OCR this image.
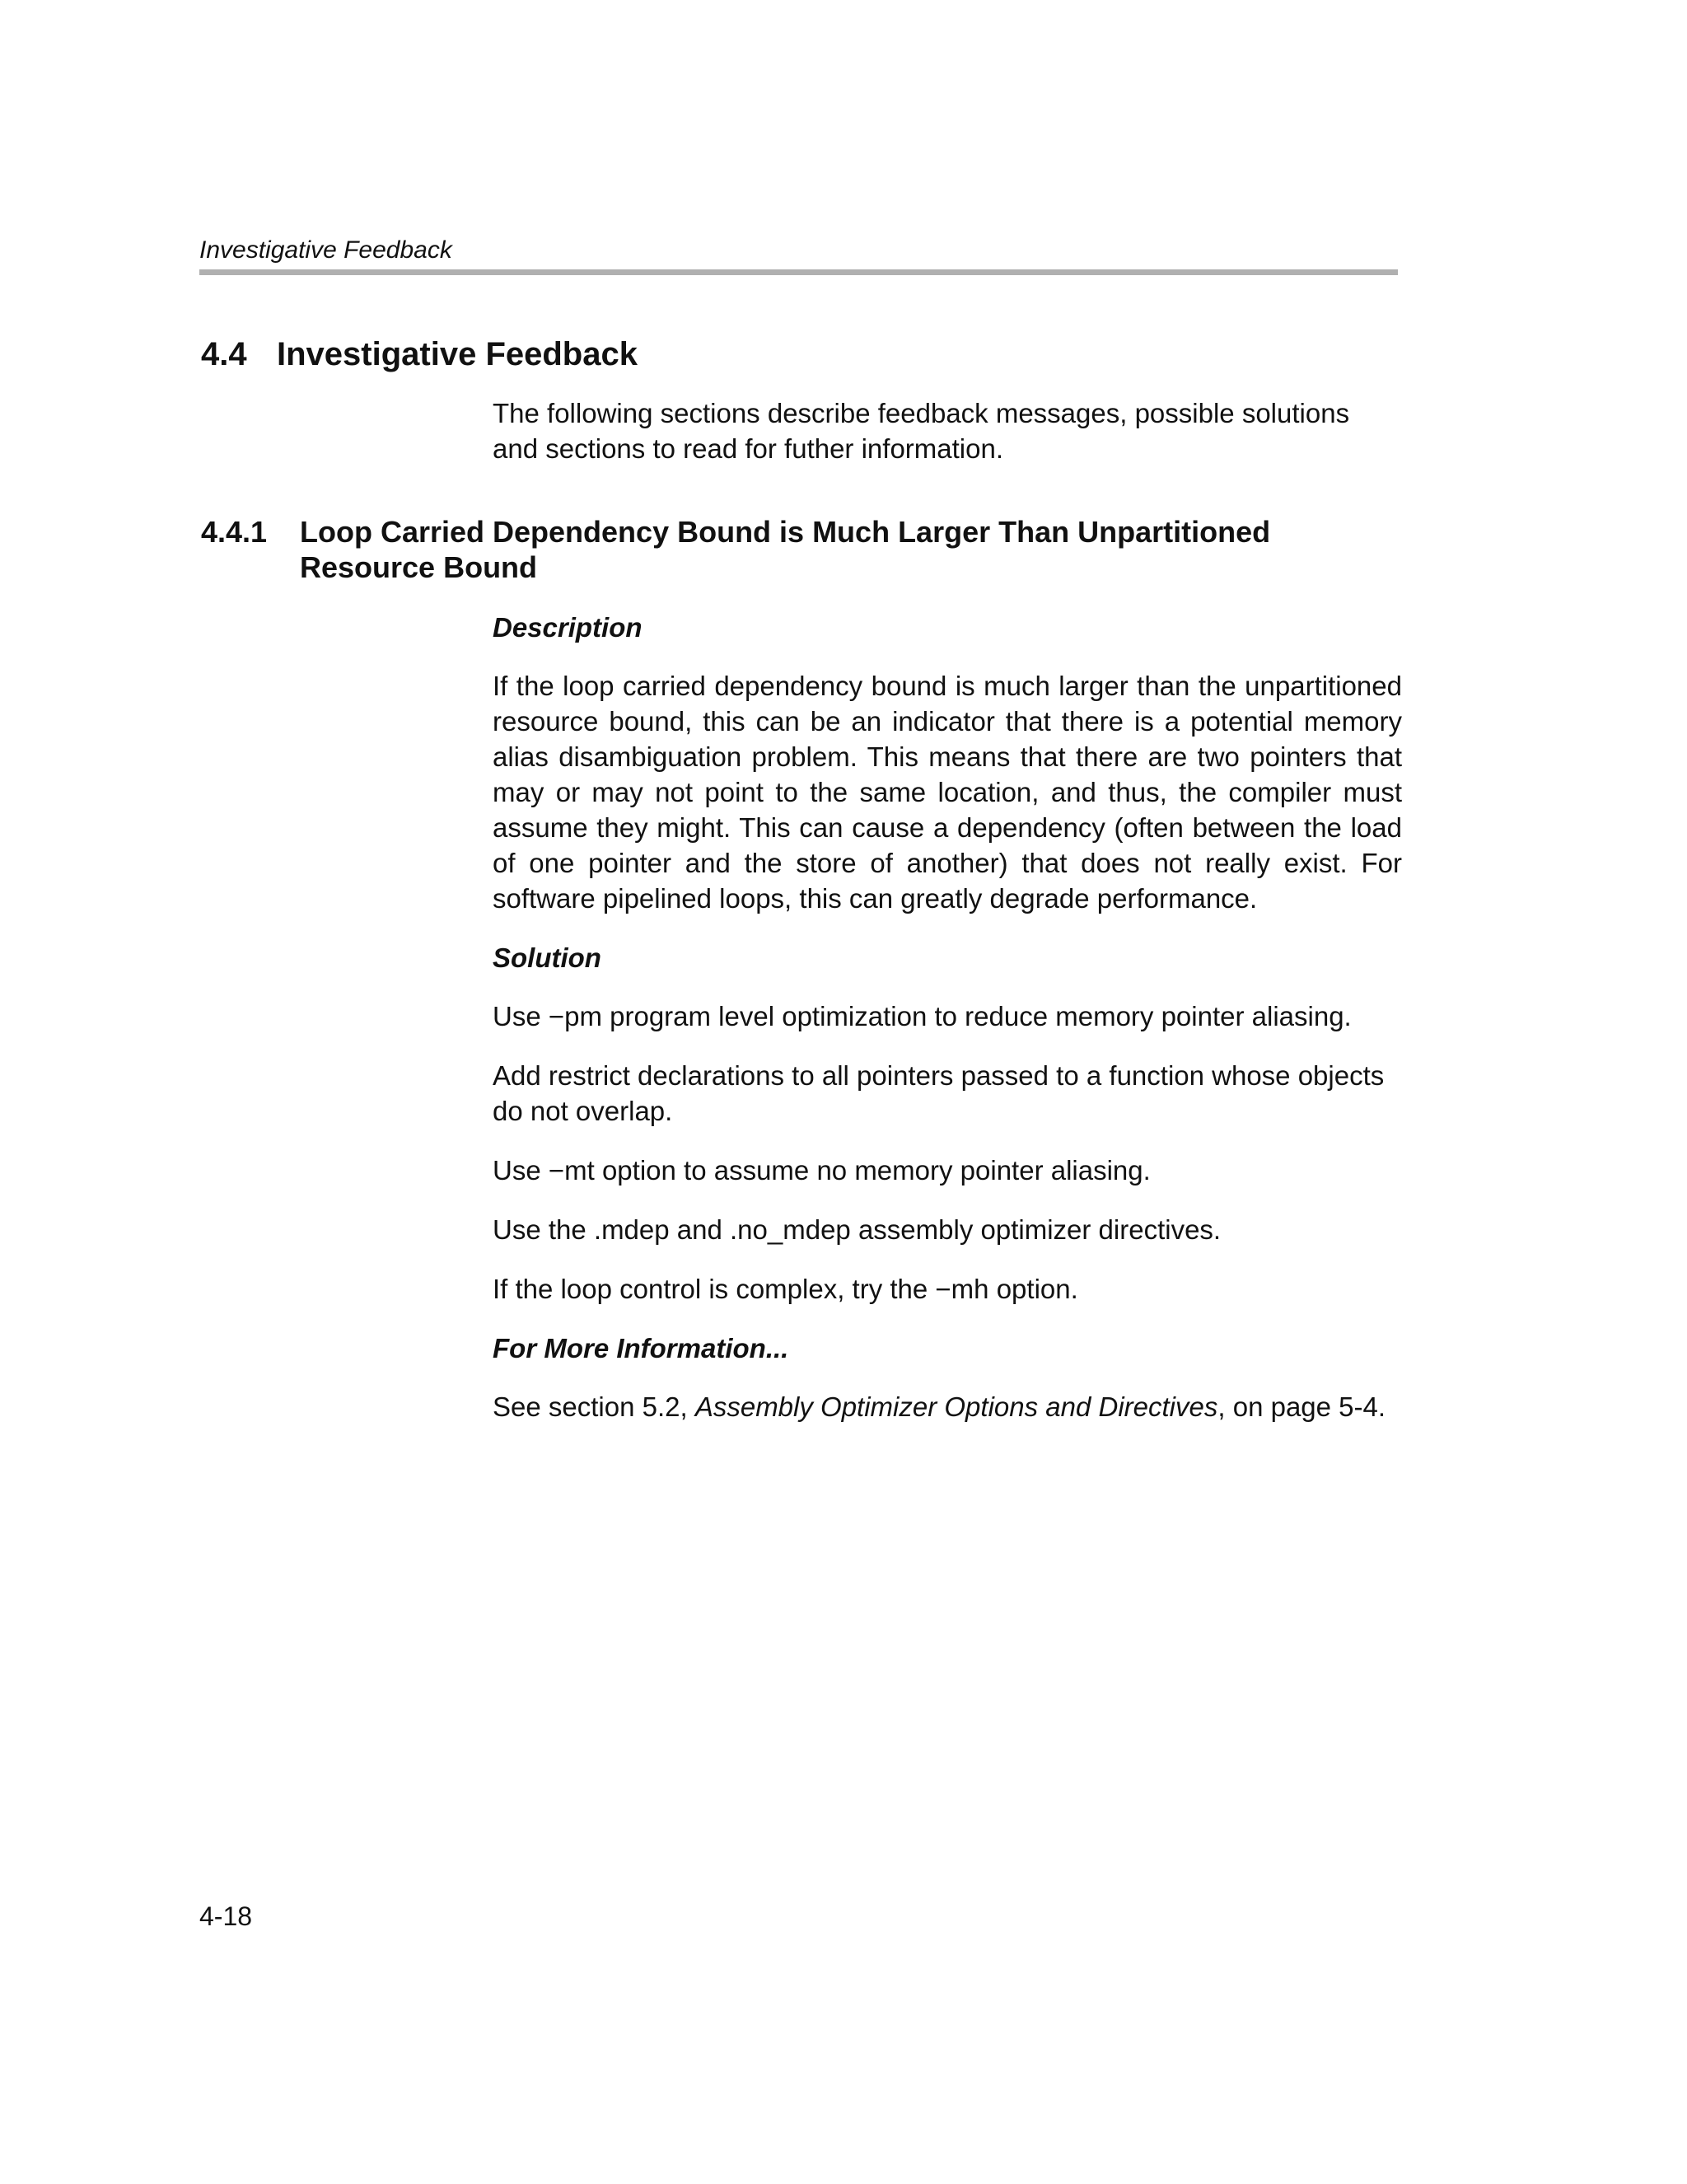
Investigative Feedback
4.4 Investigative Feedback

The following sections describe feedback messages, possible solutions and sections to read for futher information.

4.4.1 Loop Carried Dependency Bound is Much Larger Than Unpartitioned Resource Bound
Description

If the loop carried dependency bound is much larger than the unpartitioned resource bound, this can be an indicator that there is a potential memory alias disambiguation problem. This means that there are two pointers that may or may not point to the same location, and thus, the compiler must assume they might. This can cause a dependency (often between the load of one pointer and the store of another) that does not really exist. For software pipelined loops, this can greatly degrade performance.

Solution

Use −pm program level optimization to reduce memory pointer aliasing.

Add restrict declarations to all pointers passed to a function whose objects do not overlap.

Use −mt option to assume no memory pointer aliasing.

Use the .mdep and .no_mdep assembly optimizer directives.

If the loop control is complex, try the −mh option.

For More Information...

See section 5.2, Assembly Optimizer Options and Directives, on page 5-4.

4-18
